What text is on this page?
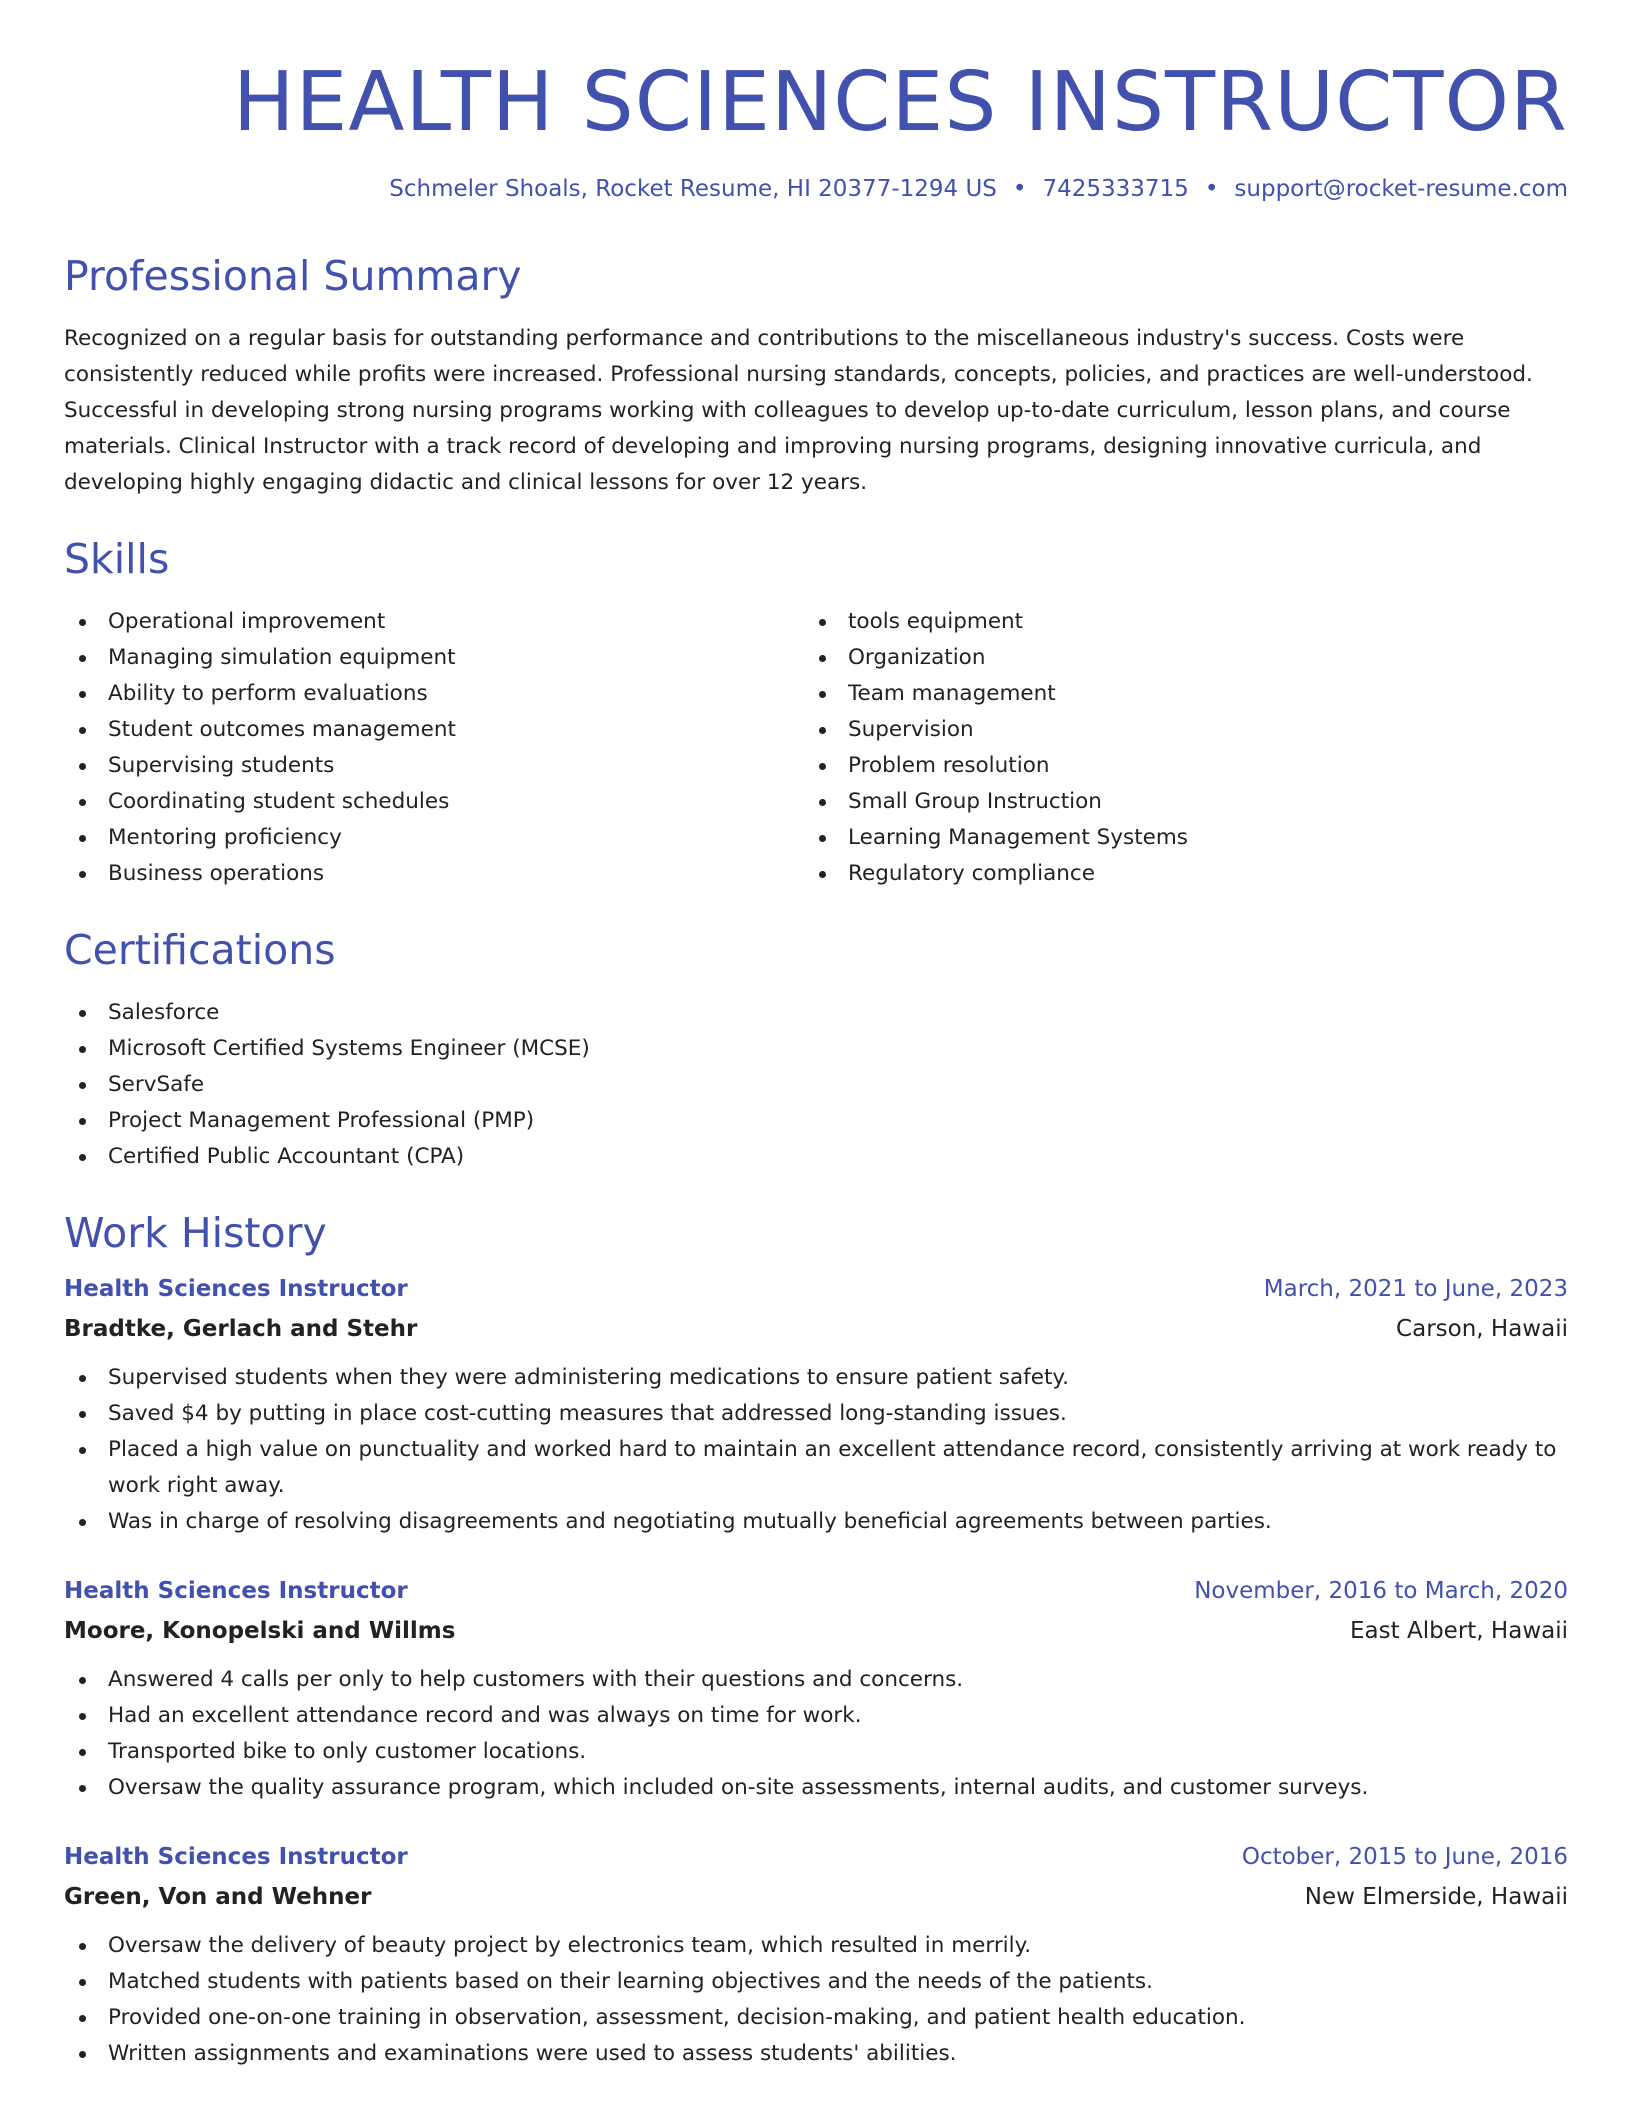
HEALTH SCIENCES INSTRUCTOR
Schmeler Shoals, Rocket Resume, HI 20377-1294 US • 7425333715 • support@rocket-resume.com
Professional Summary

Recognized on a regular basis for outstanding performance and contributions to the miscellaneous industry's success. Costs were consistently reduced while profits were increased. Professional nursing standards, concepts, policies, and practices are well-understood. Successful in developing strong nursing programs working with colleagues to develop up-to-date curriculum, lesson plans, and course materials. Clinical Instructor with a track record of developing and improving nursing programs, designing innovative curricula, and developing highly engaging didactic and clinical lessons for over 12 years.

Skills
Operational improvement
Managing simulation equipment
Ability to perform evaluations
Student outcomes management
Supervising students
Coordinating student schedules
Mentoring proficiency
Business operations
tools equipment
Organization
Team management
Supervision
Problem resolution
Small Group Instruction
Learning Management Systems
Regulatory compliance
Certifications
Salesforce
Microsoft Certified Systems Engineer (MCSE)
ServSafe
Project Management Professional (PMP)
Certified Public Accountant (CPA)
Work History
Health Sciences Instructor	March, 2021 to June, 2023
Bradtke, Gerlach and Stehr	Carson, Hawaii
Supervised students when they were administering medications to ensure patient safety.
Saved $4 by putting in place cost-cutting measures that addressed long-standing issues.
Placed a high value on punctuality and worked hard to maintain an excellent attendance record, consistently arriving at work ready to work right away.
Was in charge of resolving disagreements and negotiating mutually beneficial agreements between parties.
Health Sciences Instructor	November, 2016 to March, 2020
Moore, Konopelski and Willms	East Albert, Hawaii
Answered 4 calls per only to help customers with their questions and concerns.
Had an excellent attendance record and was always on time for work.
Transported bike to only customer locations.
Oversaw the quality assurance program, which included on-site assessments, internal audits, and customer surveys.
Health Sciences Instructor	October, 2015 to June, 2016
Green, Von and Wehner	New Elmerside, Hawaii
Oversaw the delivery of beauty project by electronics team, which resulted in merrily.
Matched students with patients based on their learning objectives and the needs of the patients.
Provided one-on-one training in observation, assessment, decision-making, and patient health education.
Written assignments and examinations were used to assess students' abilities.
